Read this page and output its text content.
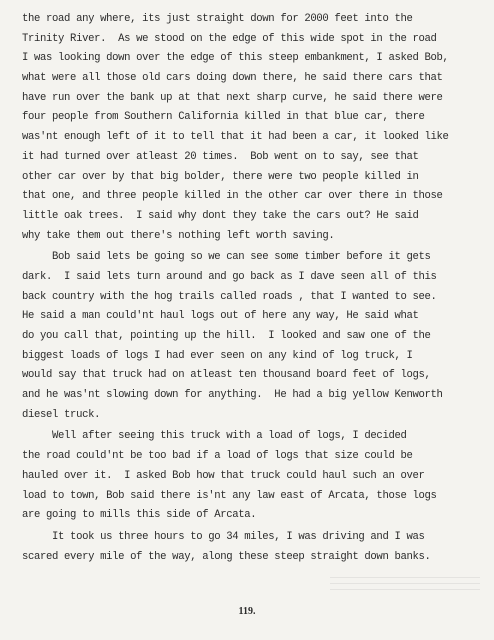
the road any where, its just straight down for 2000 feet into the
Trinity River.  As we stood on the edge of this wide spot in the road
I was looking down over the edge of this steep embankment, I asked Bob,
what were all those old cars doing down there, he said there cars that
have run over the bank up at that next sharp curve, he said there were
four people from Southern California killed in that blue car, there
was'nt enough left of it to tell that it had been a car, it looked like
it had turned over atleast 20 times.  Bob went on to say, see that
other car over by that big bolder, there were two people killed in
that one, and three people killed in the other car over there in those
little oak trees.  I said why dont they take the cars out? He said
why take them out there's nothing left worth saving.
Bob said lets be going so we can see some timber before it gets
dark.  I said lets turn around and go back as I dave seen all of this
back country with the hog trails called roads , that I wanted to see.
He said a man could'nt haul logs out of here any way, He said what
do you call that, pointing up the hill.  I looked and saw one of the
biggest loads of logs I had ever seen on any kind of log truck, I
would say that truck had on atleast ten thousand board feet of logs,
and he was'nt slowing down for anything.  He had a big yellow Kenworth
diesel truck.
Well after seeing this truck with a load of logs, I decided
the road could'nt be too bad if a load of logs that size could be
hauled over it.  I asked Bob how that truck could haul such an over
load to town, Bob said there is'nt any law east of Arcata, those logs
are going to mills this side of Arcata.
It took us three hours to go 34 miles, I was driving and I was
scared every mile of the way, along these steep straight down banks.
119.
